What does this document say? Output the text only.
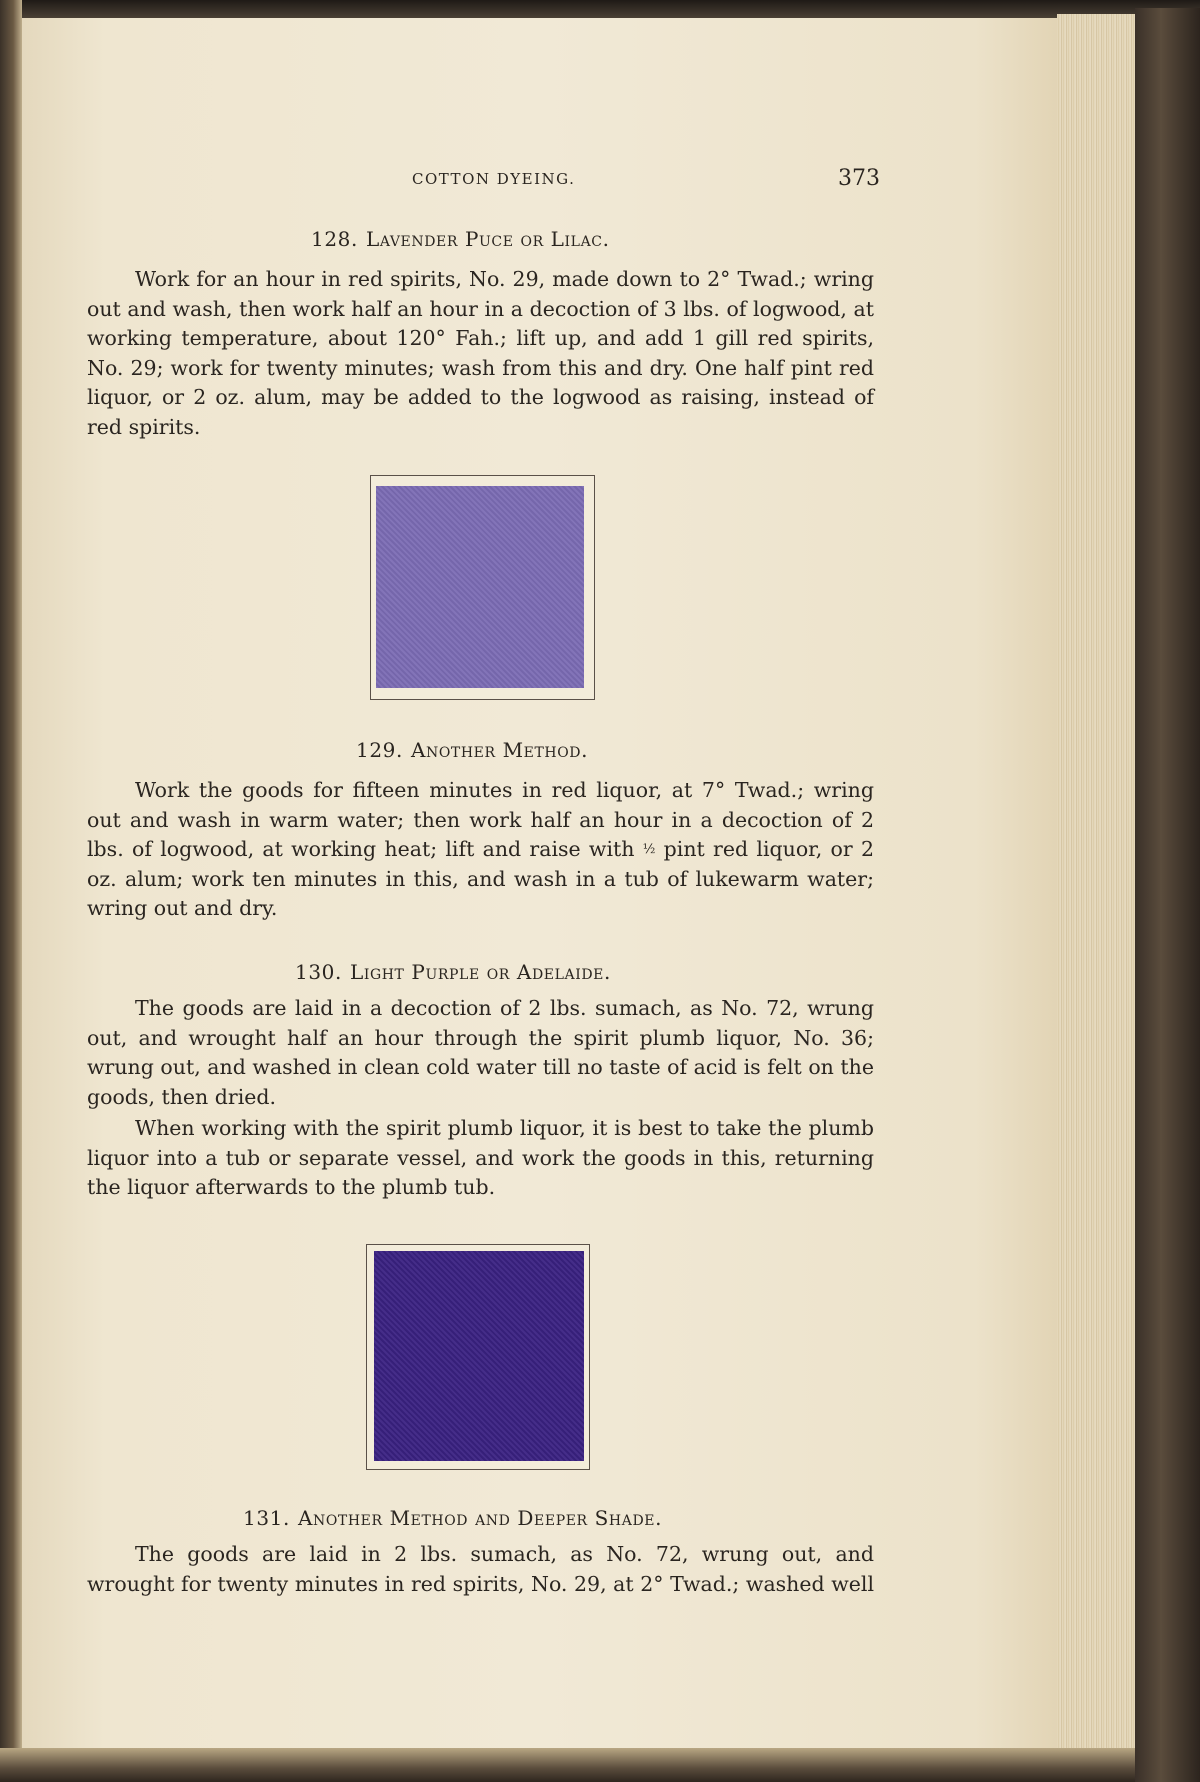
COTTON DYEING.	373
128. Lavender Puce or Lilac.

Work for an hour in red spirits, No. 29, made down to 2° Twad.; wring out and wash, then work half an hour in a decoction of 3 lbs. of logwood, at working temperature, about 120° Fah.; lift up, and add 1 gill red spirits, No. 29; work for twenty minutes; wash from this and dry. One half pint red liquor, or 2 oz. alum, may be added to the logwood as raising, instead of red spirits.

129. Another Method.

Work the goods for fifteen minutes in red liquor, at 7° Twad.; wring out and wash in warm water; then work half an hour in a decoction of 2 lbs. of logwood, at working heat; lift and raise with ½ pint red liquor, or 2 oz. alum; work ten minutes in this, and wash in a tub of lukewarm water; wring out and dry.

130. Light Purple or Adelaide.

The goods are laid in a decoction of 2 lbs. sumach, as No. 72, wrung out, and wrought half an hour through the spirit plumb liquor, No. 36; wrung out, and washed in clean cold water till no taste of acid is felt on the goods, then dried.

When working with the spirit plumb liquor, it is best to take the plumb liquor into a tub or separate vessel, and work the goods in this, returning the liquor afterwards to the plumb tub.

131. Another Method and Deeper Shade.

The goods are laid in 2 lbs. sumach, as No. 72, wrung out, and wrought for twenty minutes in red spirits, No. 29, at 2° Twad.; washed well
